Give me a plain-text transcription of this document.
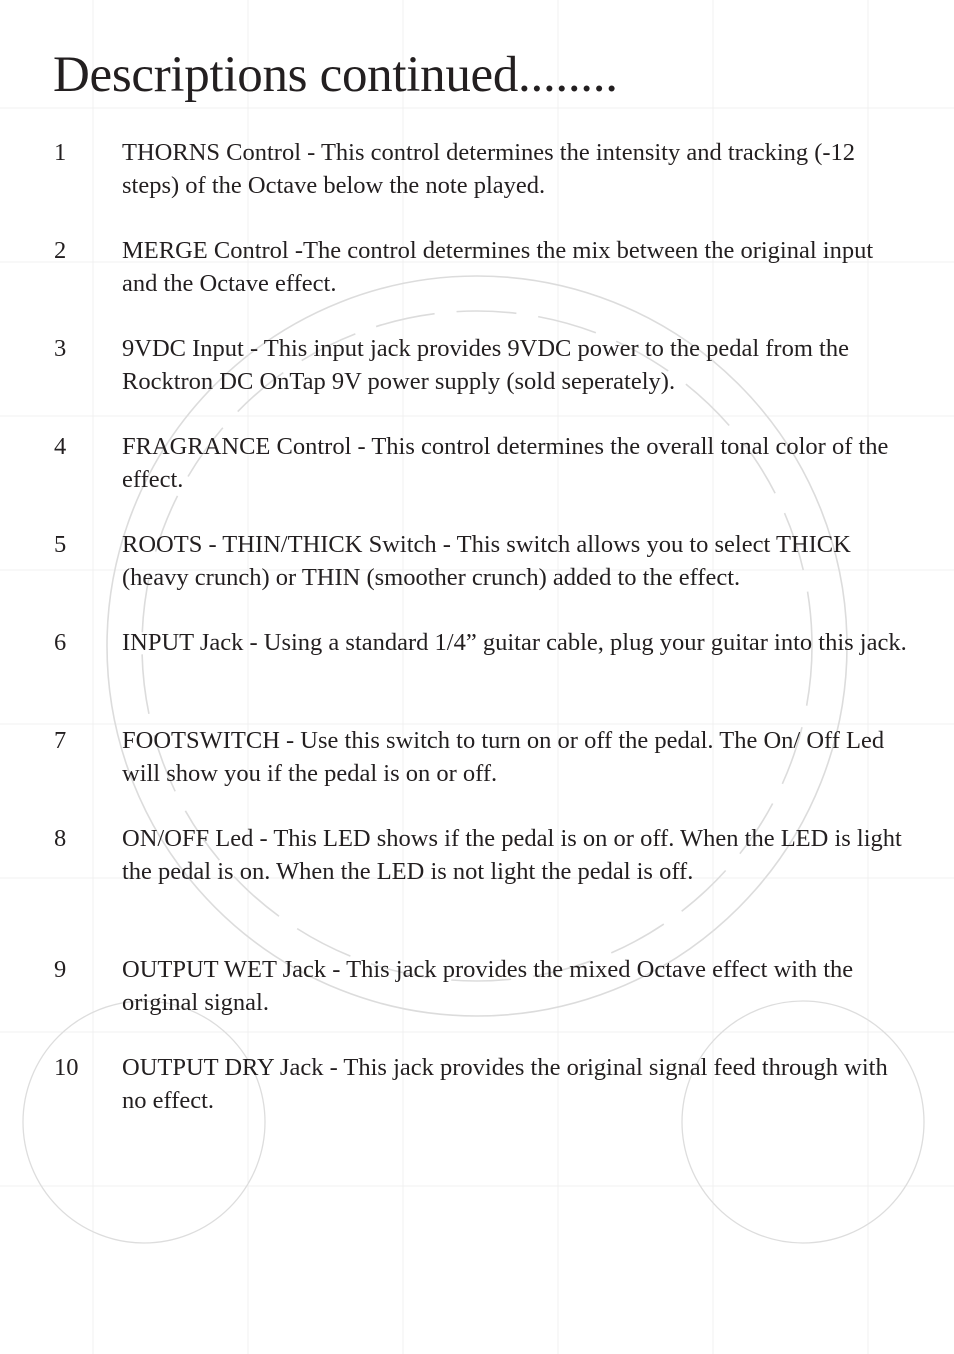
Descriptions continued........
1 THORNS Control - This control determines the intensity and tracking (-12 steps) of the Octave below the note played.
2 MERGE Control -The control determines the mix between the original input and the Octave effect.
3 9VDC Input - This input jack provides 9VDC power to the pedal from the Rocktron DC OnTap 9V power supply (sold seperately).
4 FRAGRANCE Control - This control determines the overall tonal color of the effect.
5 ROOTS - THIN/THICK Switch - This switch allows you to select THICK (heavy crunch) or THIN (smoother crunch) added to the effect.
6 INPUT Jack - Using a standard 1/4” guitar cable, plug your guitar into this jack.
7 FOOTSWITCH - Use this switch to turn on or off the pedal. The On/ Off Led will show you if the pedal is on or off.
8 ON/OFF Led - This LED shows if the pedal is on or off. When the LED is light the pedal is on. When the LED is not light the pedal is off.
9 OUTPUT WET Jack - This jack provides the mixed Octave effect with the original signal.
10 OUTPUT DRY Jack - This jack provides the original signal feed through with no effect.
